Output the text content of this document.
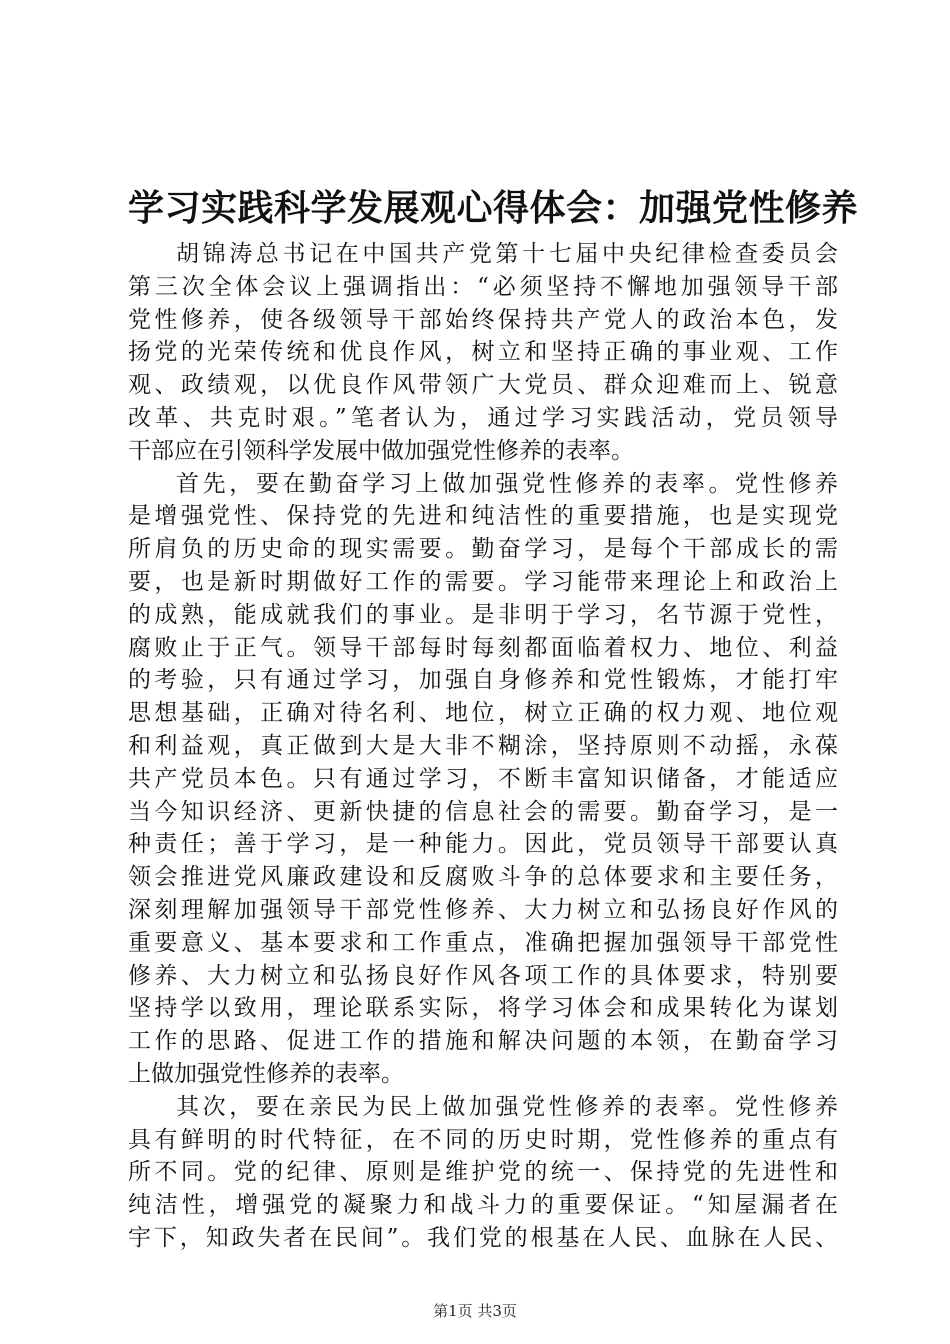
学习实践科学发展观心得体会：加强党性修养
胡锦涛总书记在中国共产党第十七届中央纪律检查委员会
第三次全体会议上强调指出：“必须坚持不懈地加强领导干部
党性修养，使各级领导干部始终保持共产党人的政治本色，发
扬党的光荣传统和优良作风，树立和坚持正确的事业观、工作
观、政绩观，以优良作风带领广大党员、群众迎难而上、锐意
改革、共克时艰。”笔者认为，通过学习实践活动，党员领导
干部应在引领科学发展中做加强党性修养的表率。
首先，要在勤奋学习上做加强党性修养的表率。党性修养
是增强党性、保持党的先进和纯洁性的重要措施，也是实现党
所肩负的历史命的现实需要。勤奋学习，是每个干部成长的需
要，也是新时期做好工作的需要。学习能带来理论上和政治上
的成熟，能成就我们的事业。是非明于学习，名节源于党性，
腐败止于正气。领导干部每时每刻都面临着权力、地位、利益
的考验，只有通过学习，加强自身修养和党性锻炼，才能打牢
思想基础，正确对待名利、地位，树立正确的权力观、地位观
和利益观，真正做到大是大非不糊涂，坚持原则不动摇，永葆
共产党员本色。只有通过学习，不断丰富知识储备，才能适应
当今知识经济、更新快捷的信息社会的需要。勤奋学习，是一
种责任；善于学习，是一种能力。因此，党员领导干部要认真
领会推进党风廉政建设和反腐败斗争的总体要求和主要任务，
深刻理解加强领导干部党性修养、大力树立和弘扬良好作风的
重要意义、基本要求和工作重点，准确把握加强领导干部党性
修养、大力树立和弘扬良好作风各项工作的具体要求，特别要
坚持学以致用，理论联系实际，将学习体会和成果转化为谋划
工作的思路、促进工作的措施和解决问题的本领，在勤奋学习
上做加强党性修养的表率。
其次，要在亲民为民上做加强党性修养的表率。党性修养
具有鲜明的时代特征，在不同的历史时期，党性修养的重点有
所不同。党的纪律、原则是维护党的统一、保持党的先进性和
纯洁性，增强党的凝聚力和战斗力的重要保证。“知屋漏者在
宇下，知政失者在民间”。我们党的根基在人民、血脉在人民、
第1页 共3页
